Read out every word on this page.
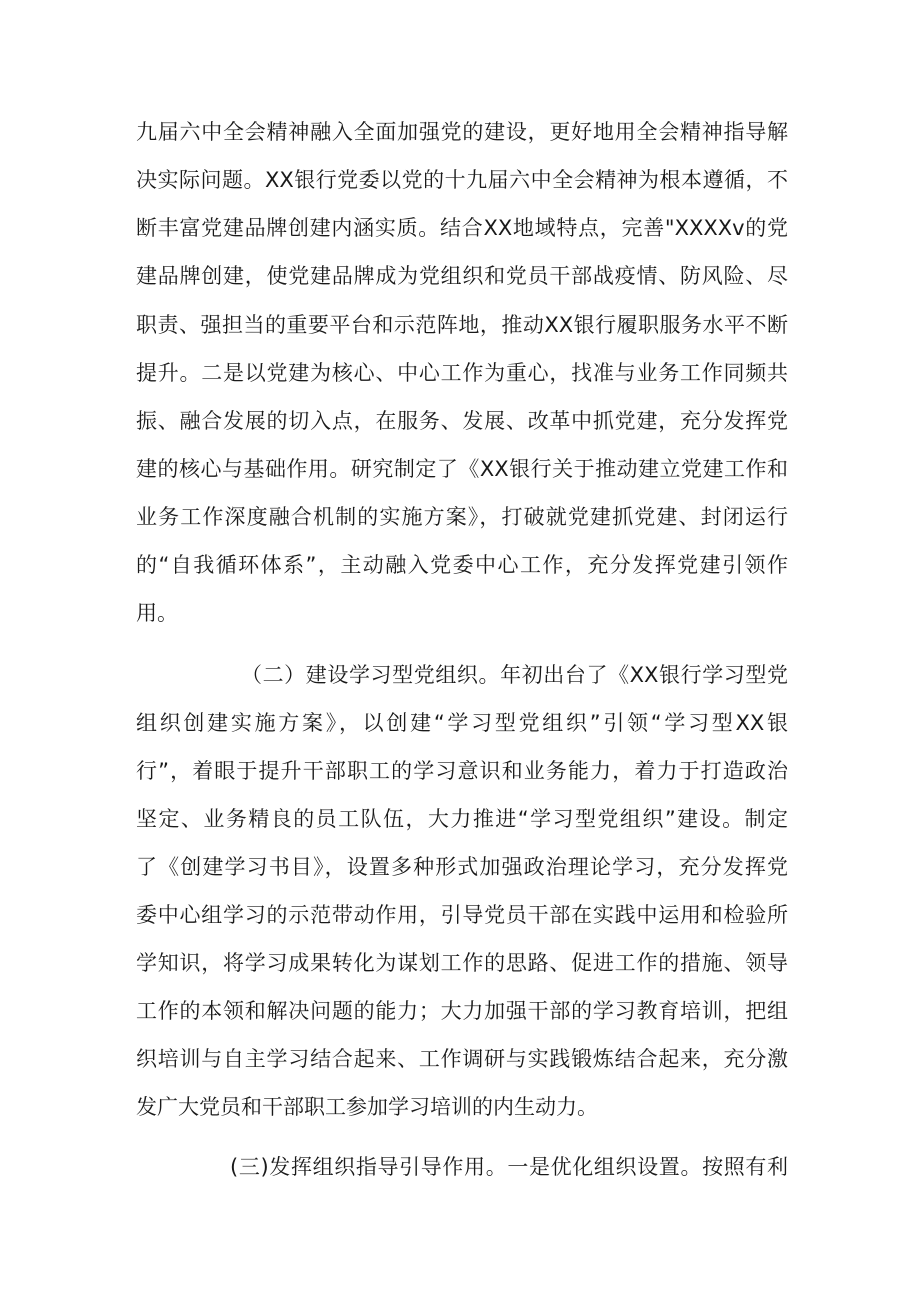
九届六中全会精神融入全面加强党的建设，更好地用全会精神指导解

决实际问题。XX银行党委以党的十九届六中全会精神为根本遵循，不

断丰富党建品牌创建内涵实质。结合XX地域特点，完善"XXXXv的党

建品牌创建，使党建品牌成为党组织和党员干部战疫情、防风险、尽

职责、强担当的重要平台和示范阵地，推动XX银行履职服务水平不断

提升。二是以党建为核心、中心工作为重心，找准与业务工作同频共

振、融合发展的切入点，在服务、发展、改革中抓党建，充分发挥党

建的核心与基础作用。研究制定了《XX银行关于推动建立党建工作和

业务工作深度融合机制的实施方案》，打破就党建抓党建、封闭运行

的“自我循环体系”，主动融入党委中心工作，充分发挥党建引领作

用。

（二）建设学习型党组织。年初出台了《XX银行学习型党

组织创建实施方案》，以创建“学习型党组织”引领“学习型XX银

行”，着眼于提升干部职工的学习意识和业务能力，着力于打造政治

坚定、业务精良的员工队伍，大力推进“学习型党组织”建设。制定

了《创建学习书目》，设置多种形式加强政治理论学习，充分发挥党

委中心组学习的示范带动作用，引导党员干部在实践中运用和检验所

学知识，将学习成果转化为谋划工作的思路、促进工作的措施、领导

工作的本领和解决问题的能力；大力加强干部的学习教育培训，把组

织培训与自主学习结合起来、工作调研与实践锻炼结合起来，充分激

发广大党员和干部职工参加学习培训的内生动力。

(三)发挥组织指导引导作用。一是优化组织设置。按照有利
